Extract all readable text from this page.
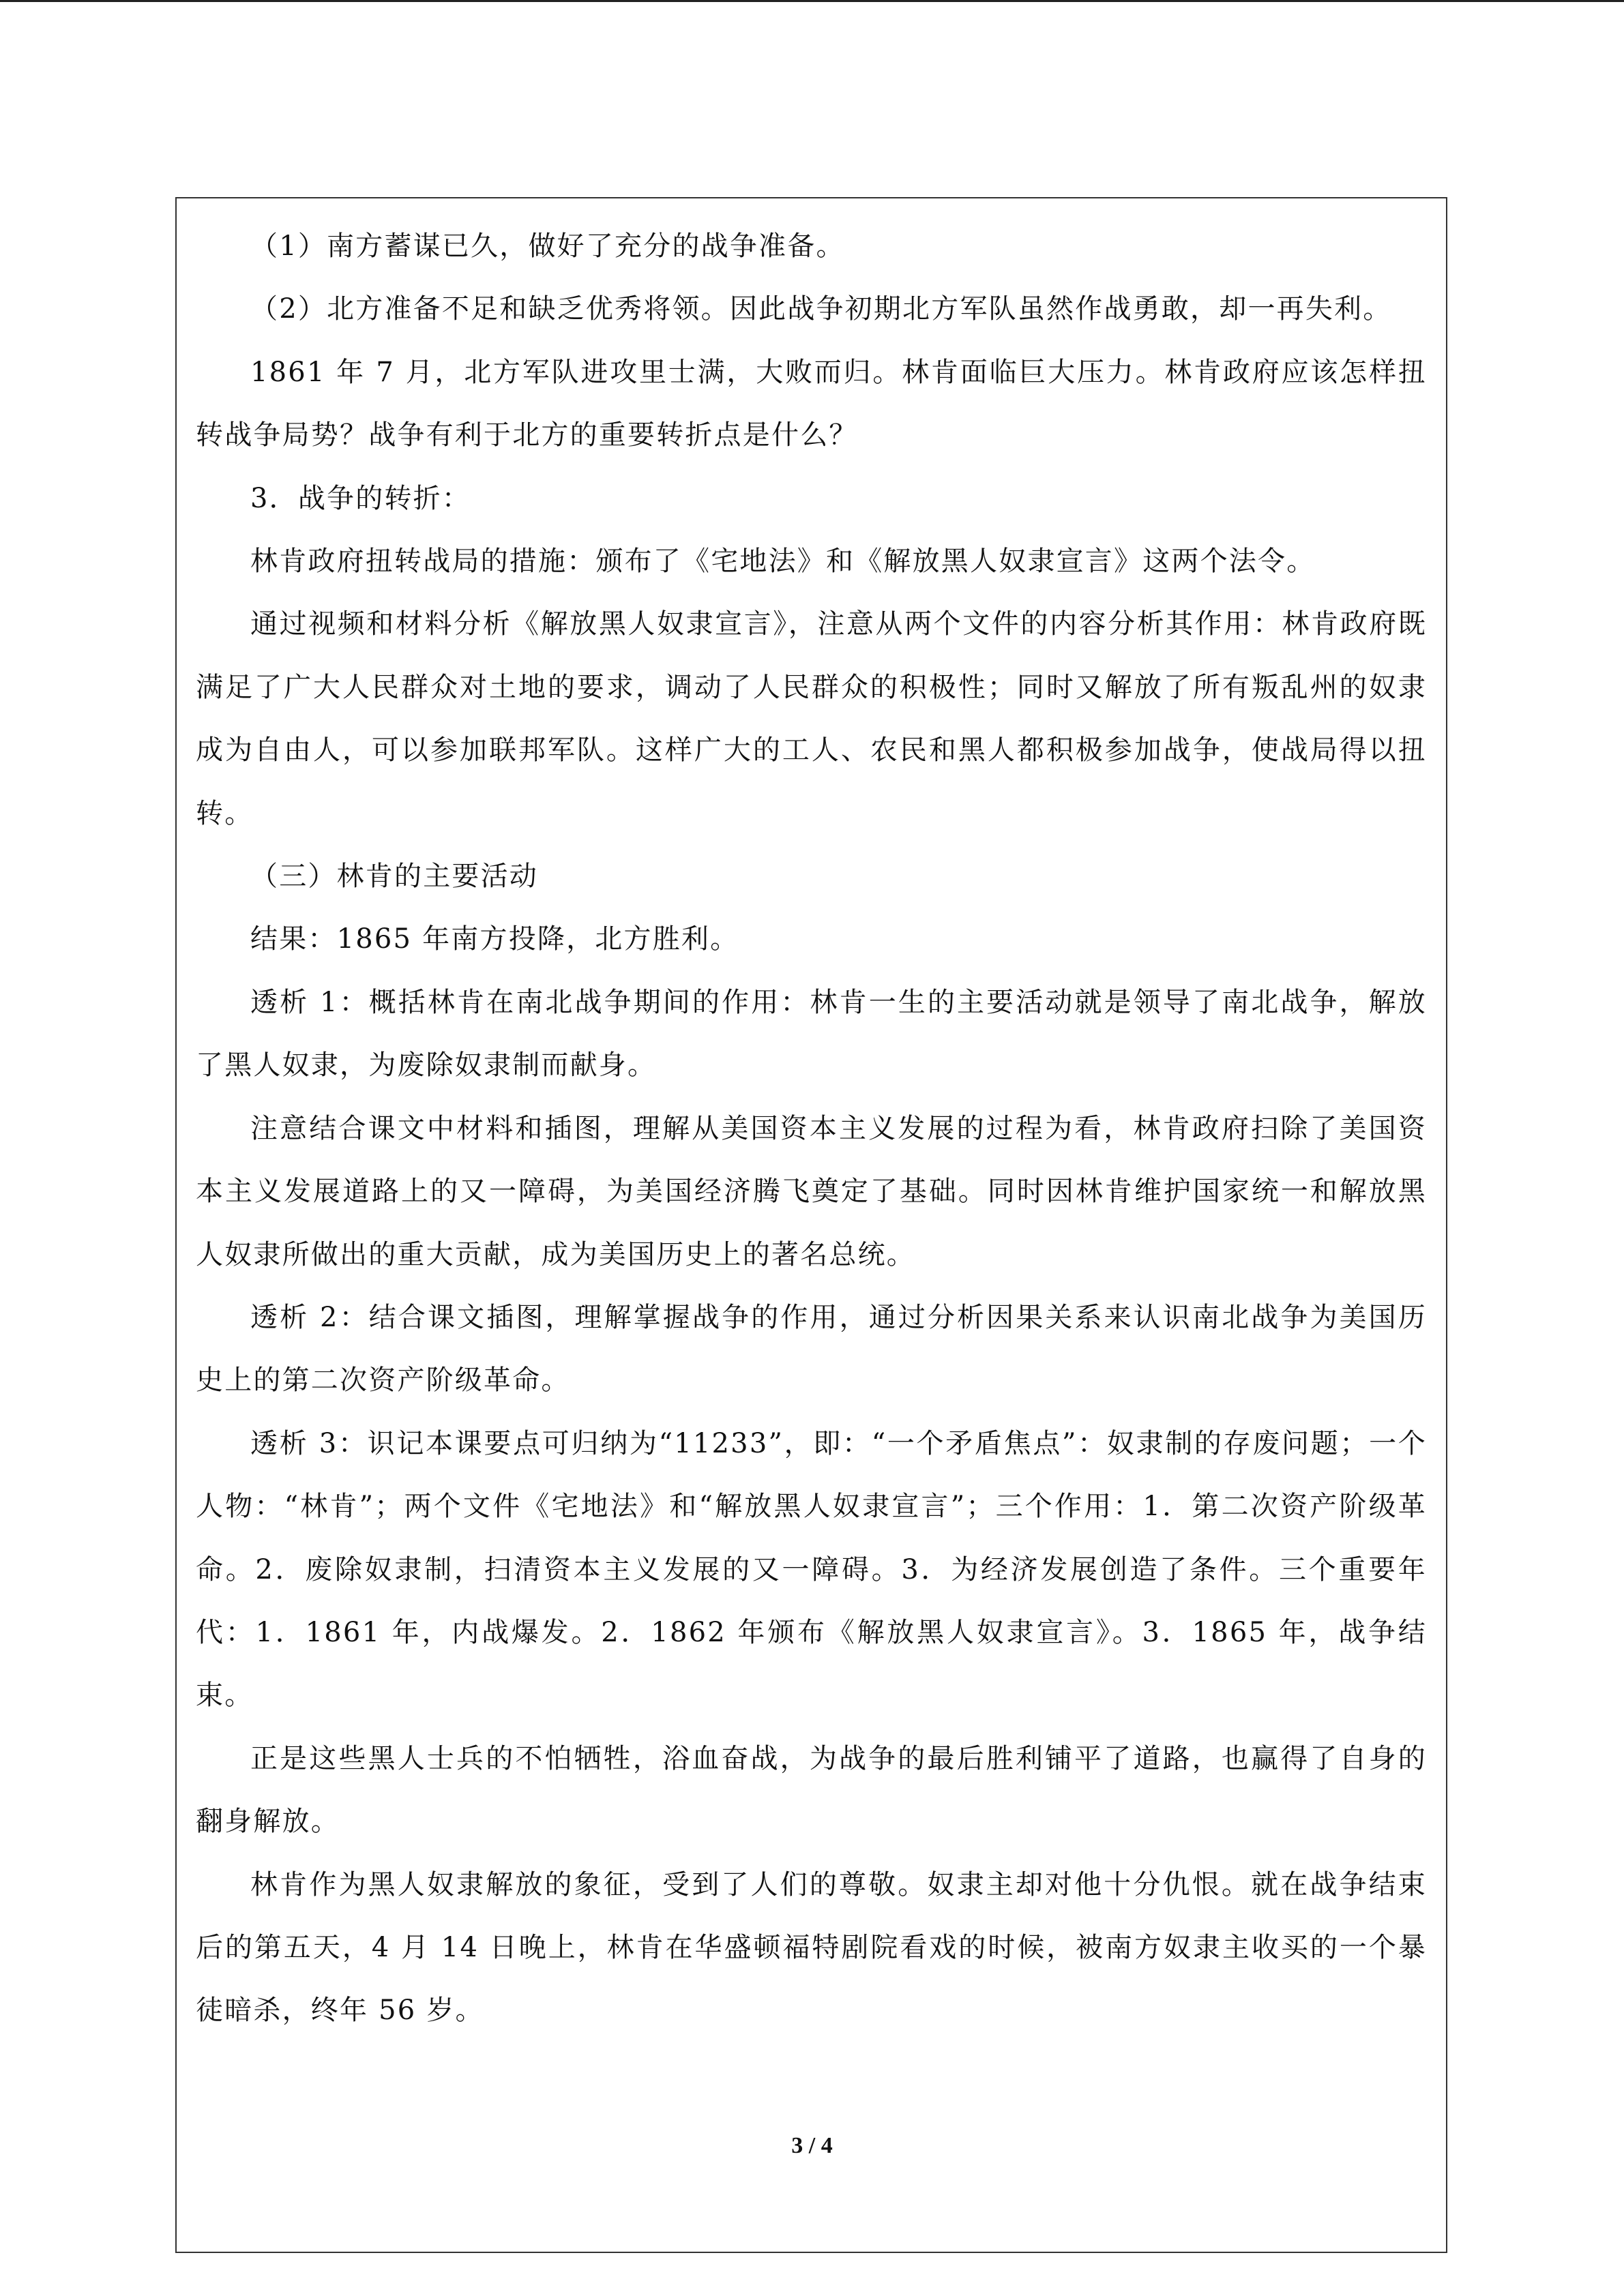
（1）南方蓄谋已久，做好了充分的战争准备。

（2）北方准备不足和缺乏优秀将领。因此战争初期北方军队虽然作战勇敢，却一再失利。

1861 年 7 月，北方军队进攻里士满，大败而归。林肯面临巨大压力。林肯政府应该怎样扭转战争局势？战争有利于北方的重要转折点是什么？

3．战争的转折：

林肯政府扭转战局的措施：颁布了《宅地法》和《解放黑人奴隶宣言》这两个法令。

通过视频和材料分析《解放黑人奴隶宣言》，注意从两个文件的内容分析其作用：林肯政府既满足了广大人民群众对土地的要求，调动了人民群众的积极性；同时又解放了所有叛乱州的奴隶成为自由人，可以参加联邦军队。这样广大的工人、农民和黑人都积极参加战争，使战局得以扭转。

（三）林肯的主要活动

结果：1865 年南方投降，北方胜利。

透析 1：概括林肯在南北战争期间的作用：林肯一生的主要活动就是领导了南北战争，解放了黑人奴隶，为废除奴隶制而献身。

注意结合课文中材料和插图，理解从美国资本主义发展的过程为看，林肯政府扫除了美国资本主义发展道路上的又一障碍，为美国经济腾飞奠定了基础。同时因林肯维护国家统一和解放黑人奴隶所做出的重大贡献，成为美国历史上的著名总统。

透析 2：结合课文插图，理解掌握战争的作用，通过分析因果关系来认识南北战争为美国历史上的第二次资产阶级革命。

透析 3：识记本课要点可归纳为“11233”，即：“一个矛盾焦点”：奴隶制的存废问题；一个人物：“林肯”；两个文件《宅地法》和“解放黑人奴隶宣言”；三个作用：1．第二次资产阶级革命。2．废除奴隶制，扫清资本主义发展的又一障碍。3．为经济发展创造了条件。三个重要年代：1．1861 年，内战爆发。2．1862 年颁布《解放黑人奴隶宣言》。3．1865 年，战争结束。

正是这些黑人士兵的不怕牺牲，浴血奋战，为战争的最后胜利铺平了道路，也赢得了自身的翻身解放。

林肯作为黑人奴隶解放的象征，受到了人们的尊敬。奴隶主却对他十分仇恨。就在战争结束后的第五天，4 月 14 日晚上，林肯在华盛顿福特剧院看戏的时候，被南方奴隶主收买的一个暴徒暗杀，终年 56 岁。

3 / 4
